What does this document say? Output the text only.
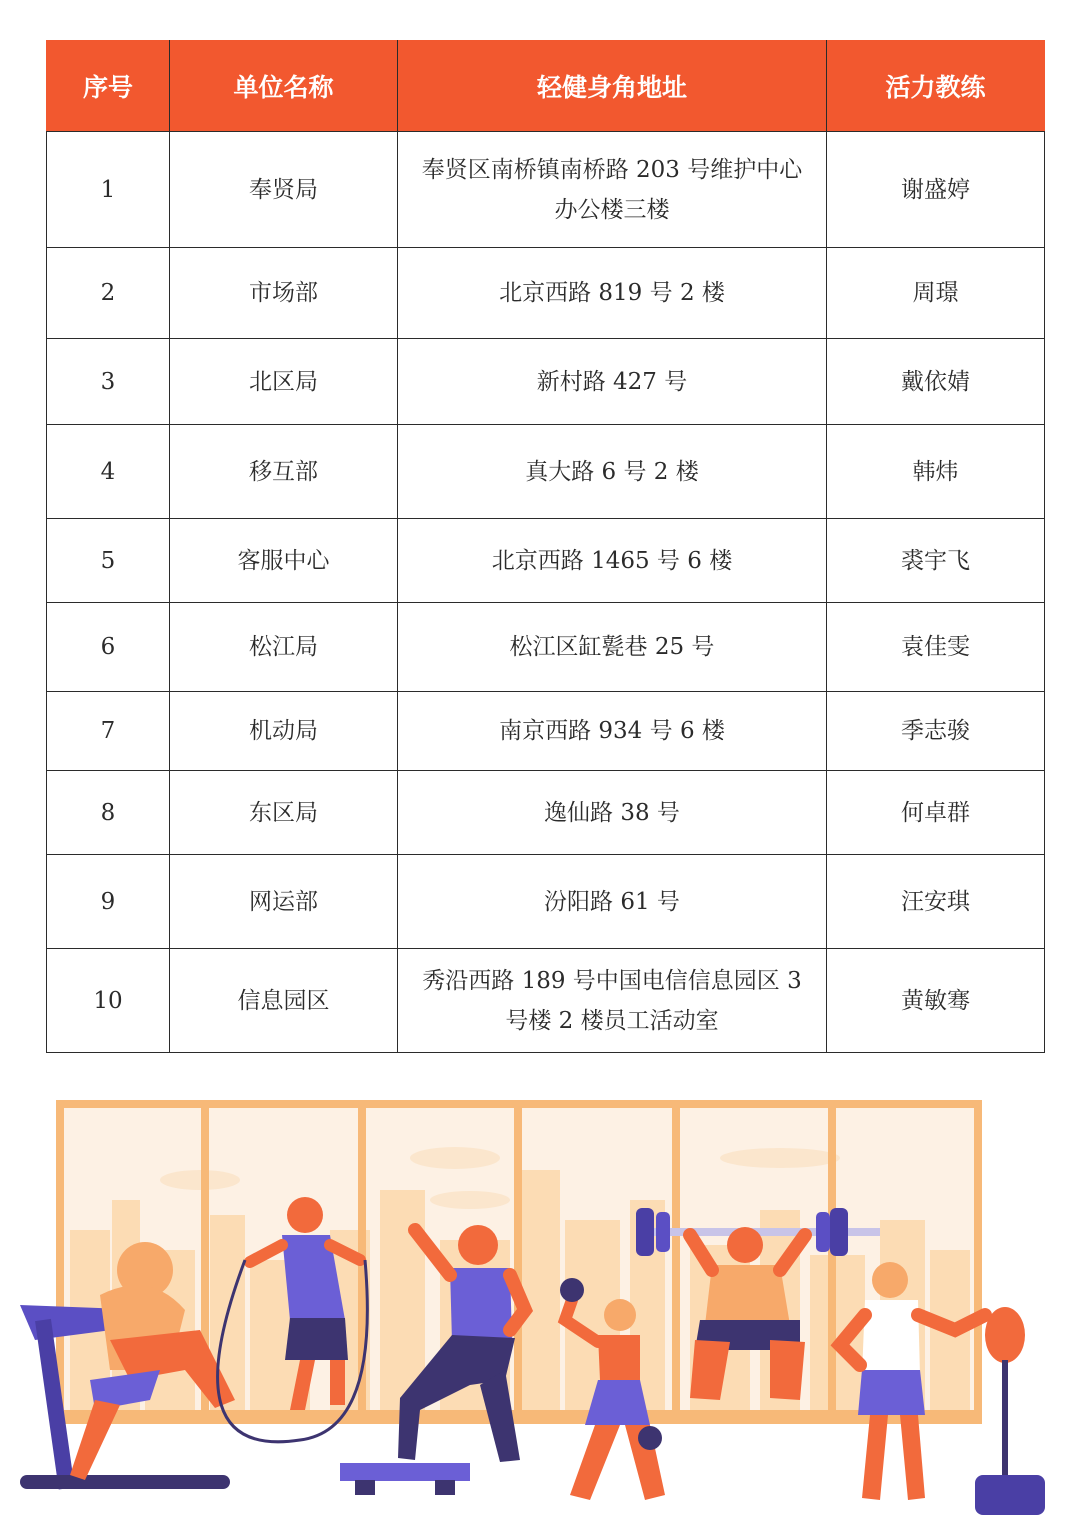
序号	单位名称	轻健身角地址	活力教练
1	奉贤局	奉贤区南桥镇南桥路 203 号维护中心办公楼三楼	谢盛婷
2	市场部	北京西路 819 号 2 楼	周璟
3	北区局	新村路 427 号	戴依婧
4	移互部	真大路 6 号 2 楼	韩炜
5	客服中心	北京西路 1465 号 6 楼	裘宇飞
6	松江局	松江区缸甏巷 25 号	袁佳雯
7	机动局	南京西路 934 号 6 楼	季志骏
8	东区局	逸仙路 38 号	何卓群
9	网运部	汾阳路 61 号	汪安琪
10	信息园区	秀沿西路 189 号中国电信信息园区 3 号楼 2 楼员工活动室	黄敏骞
